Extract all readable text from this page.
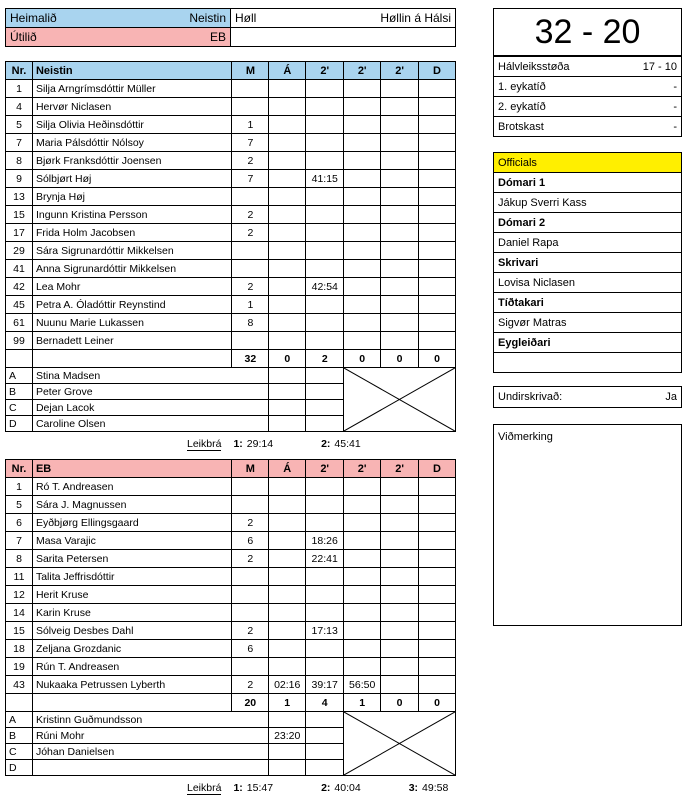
Heimalið Neistin	Høll Høllin á Hálsi

Útilið EB	

Nr.	Neistin	M	Á	2'	2'	2'	D
1	Silja Arngrímsdóttir Müller						
4	Hervør Niclasen						
5	Silja Olivia Heðinsdóttir	1					
7	Maria Pálsdóttir Nólsoy	7					
8	Bjørk Franksdóttir Joensen	2					
9	Sólbjørt Høj	7		41:15			
13	Brynja Høj						
15	Ingunn Kristina Persson	2					
17	Frida Holm Jacobsen	2					
29	Sára Sigrunardóttir Mikkelsen						
41	Anna Sigrunardóttir Mikkelsen						
42	Lea Mohr	2		42:54			
45	Petra A. Óladóttir Reynstind	1					
61	Nuunu Marie Lukassen	8					
99	Bernadett Leiner						
		32	0	2	0	0	0
A	Stina Madsen			

B	Peter Grove						
C	Dejan Lacok						
D	Caroline Olsen						
Leikbrá 1: 29:14	2: 45:41
Nr.	EB	M	Á	2'	2'	2'	D
1	Ró T. Andreasen						
5	Sára J. Magnussen						
6	Eyðbjørg Ellingsgaard	2					
7	Masa Varajic	6		18:26			
8	Sarita Petersen	2		22:41			
11	Talita Jeffrisdóttir						
12	Herit Kruse						
14	Karin Kruse						
15	Sólveig Desbes Dahl	2		17:13			
18	Zeljana Grozdanic	6					
19	Rún T. Andreasen						
43	Nukaaka Petrussen Lyberth	2	02:16	39:17	56:50		
		20	1	4	1	0	0
A	Kristinn Guðmundsson			

B	Rúni Mohr		23:20				
C	Jóhan Danielsen						
D							
Leikbrá 1: 15:47	2: 40:04	3: 49:58
32 - 20
Hálvleiksstøða	17 - 10

1. eykatíð	-

2. eykatíð	-

Brotskast	-
Officials
Dómari 1
Jákup Sverri Kass
Dómari 2
Daniel Rapa
Skrivari
Lovisa Niclasen
Tíðtakari
Sigvør Matras
Eygleiðari

Undirskrivað:	Ja
Viðmerking
